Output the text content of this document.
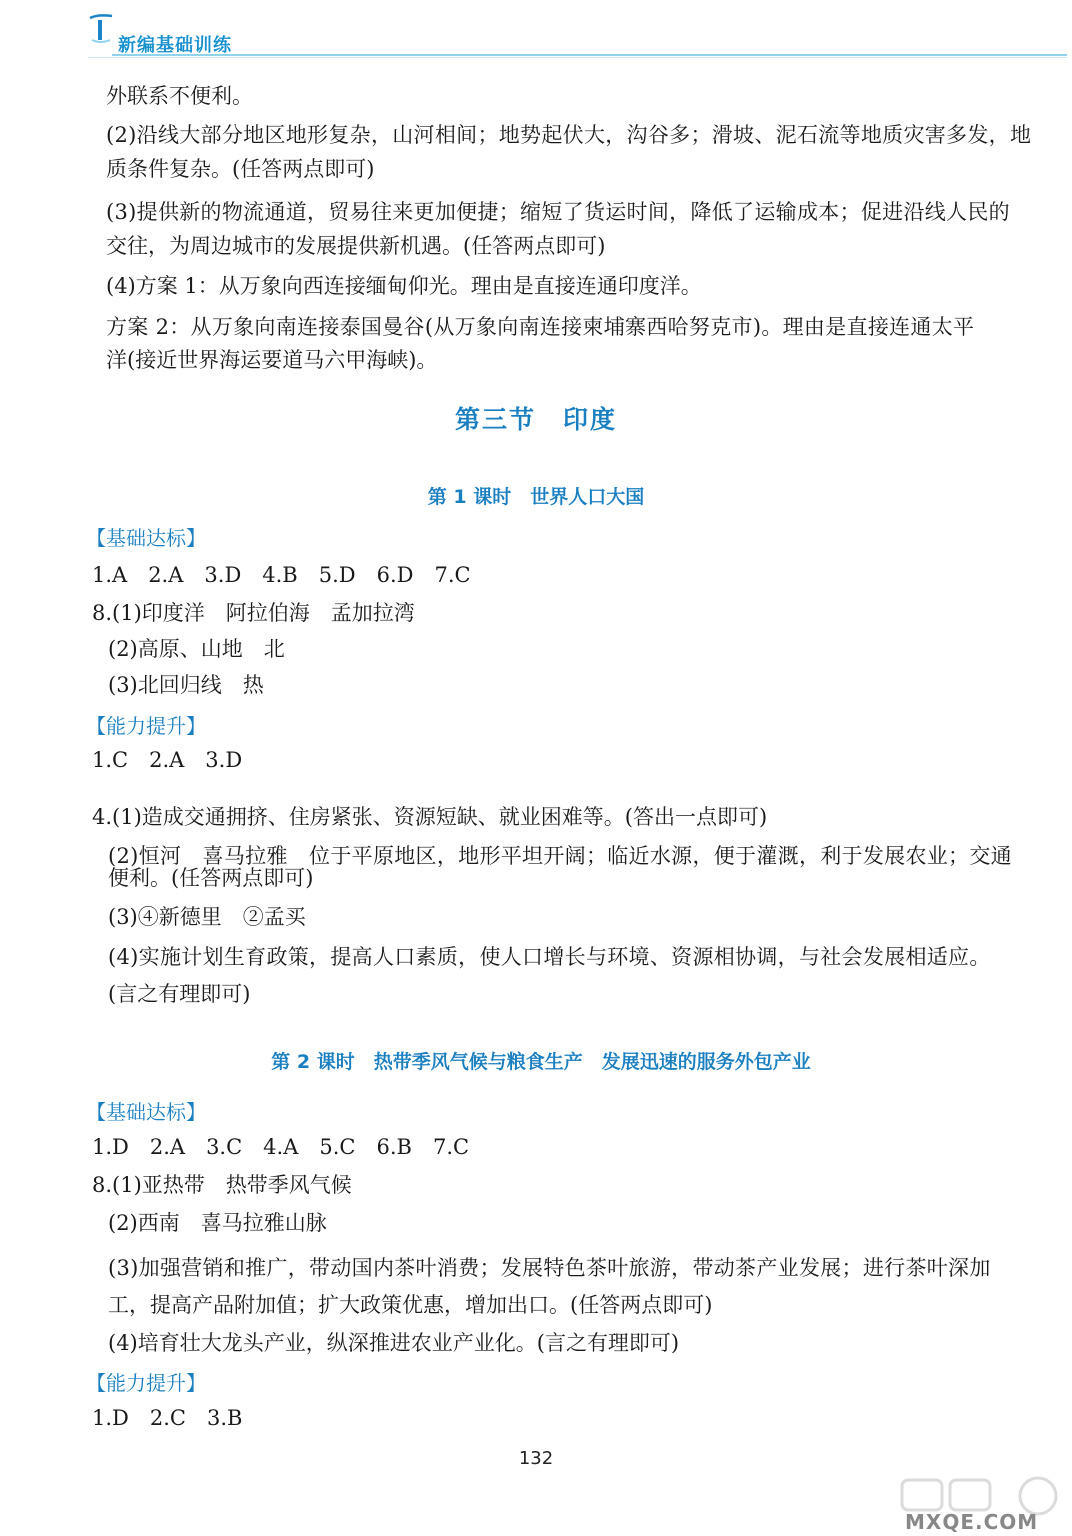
新编基础训练
外联系不便利。
(2)沿线大部分地区地形复杂，山河相间；地势起伏大，沟谷多；滑坡、泥石流等地质灾害多发，地
质条件复杂。(任答两点即可)
(3)提供新的物流通道，贸易往来更加便捷；缩短了货运时间，降低了运输成本；促进沿线人民的
交往，为周边城市的发展提供新机遇。(任答两点即可)
(4)方案 1：从万象向西连接缅甸仰光。理由是直接连通印度洋。
方案 2：从万象向南连接泰国曼谷(从万象向南连接柬埔寨西哈努克市)。理由是直接连通太平
洋(接近世界海运要道马六甲海峡)。
第三节　印度
第 1 课时　世界人口大国
【基础达标】
1.A　2.A　3.D　4.B　5.D　6.D　7.C
8.(1)印度洋　阿拉伯海　孟加拉湾
(2)高原、山地　北
(3)北回归线　热
【能力提升】
1.C　2.A　3.D
4.(1)造成交通拥挤、住房紧张、资源短缺、就业困难等。(答出一点即可)
(2)恒河　喜马拉雅　位于平原地区，地形平坦开阔；临近水源，便于灌溉，利于发展农业；交通
便利。(任答两点即可)
(3)④新德里　②孟买
(4)实施计划生育政策，提高人口素质，使人口增长与环境、资源相协调，与社会发展相适应。
(言之有理即可)
第 2 课时　热带季风气候与粮食生产　发展迅速的服务外包产业
【基础达标】
1.D　2.A　3.C　4.A　5.C　6.B　7.C
8.(1)亚热带　热带季风气候
(2)西南　喜马拉雅山脉
(3)加强营销和推广，带动国内茶叶消费；发展特色茶叶旅游，带动茶产业发展；进行茶叶深加
工，提高产品附加值；扩大政策优惠，增加出口。(任答两点即可)
(4)培育壮大龙头产业，纵深推进农业产业化。(言之有理即可)
【能力提升】
1.D　2.C　3.B
132
MXQE.COM
